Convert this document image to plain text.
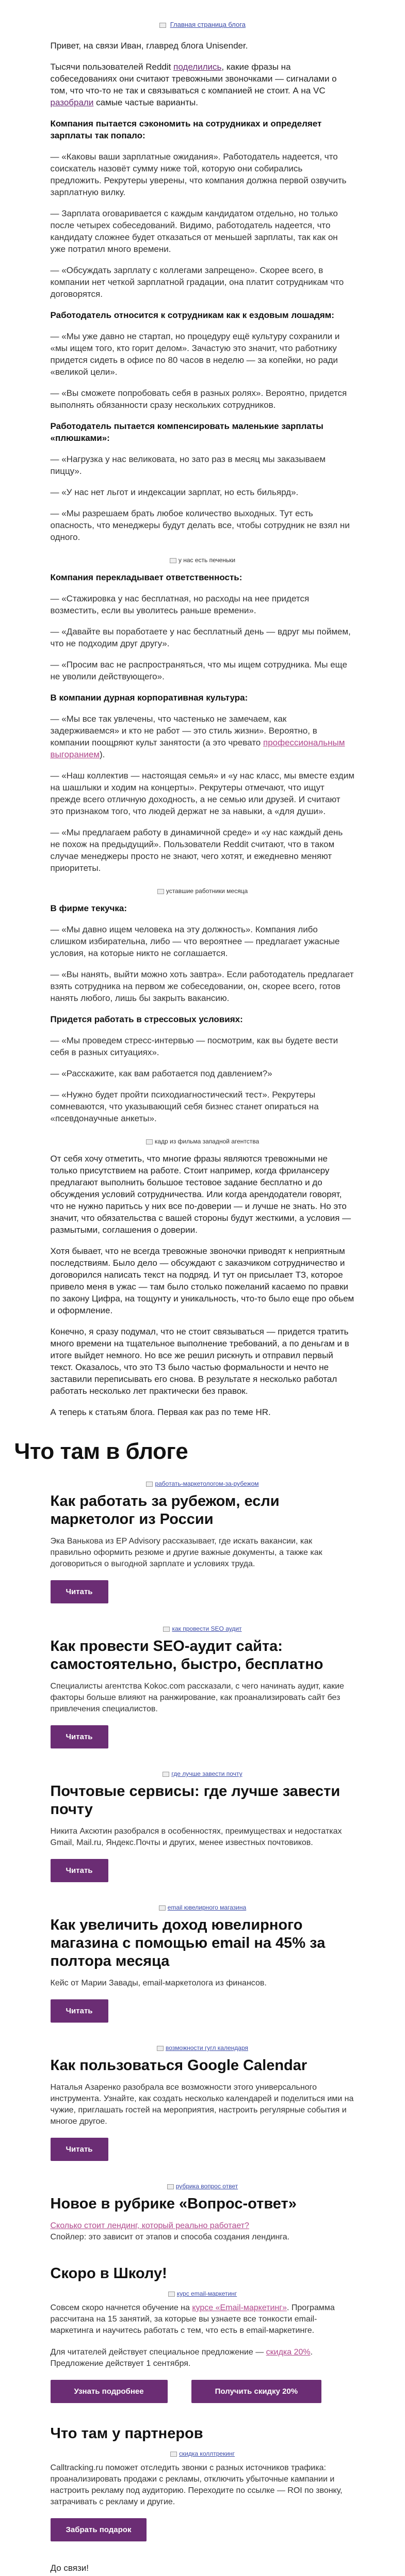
Главная страница блога

Привет, на связи Иван, главред блога Unisender.

Тысячи пользователей Reddit поделились, какие фразы на собеседованиях они считают тревожными звоночками — сигналами о том, что что-то не так и связываться с компанией не стоит. А на VC разобрали самые частые варианты.

Компания пытается сэкономить на сотрудниках и определяет зарплаты так попало:

— «Каковы ваши зарплатные ожидания». Работодатель надеется, что соискатель назовёт сумму ниже той, которую они собирались предложить. Рекрутеры уверены, что компания должна первой озвучить зарплатную вилку.

— Зарплата оговаривается с каждым кандидатом отдельно, но только после четырех собеседований. Видимо, работодатель надеется, что кандидату сложнее будет отказаться от меньшей зарплаты, так как он уже потратил много времени.

— «Обсуждать зарплату с коллегами запрещено». Скорее всего, в компании нет четкой зарплатной градации, она платит сотрудникам что договорятся.

Работодатель относится к сотрудникам как к ездовым лошадям:

— «Мы уже давно не стартап, но процедуру ещё культуру сохранили и «мы ищем того, кто горит делом». Зачастую это значит, что работнику придется сидеть в офисе по 80 часов в неделю — за копейки, но ради «великой цели».

— «Вы сможете попробовать себя в разных ролях». Вероятно, придется выполнять обязанности сразу нескольких сотрудников.

Работодатель пытается компенсировать маленькие зарплаты «плюшками»:

— «Нагрузка у нас великовата, но зато раз в месяц мы заказываем пиццу».

— «У нас нет льгот и индексации зарплат, но есть бильярд».

— «Мы разрешаем брать любое количество выходных. Тут есть опасность, что менеджеры будут делать все, чтобы сотрудник не взял ни одного.

у нас есть печеньки

Компания перекладывает ответственность:

— «Стажировка у нас бесплатная, но расходы на нее придется возместить, если вы уволитесь раньше времени».

— «Давайте вы поработаете у нас бесплатный день — вдруг мы поймем, что не подходим друг другу».

— «Просим вас не распространяться, что мы ищем сотрудника. Мы еще не уволили действующего».

В компании дурная корпоративная культура:

— «Мы все так увлечены, что частенько не замечаем, как задерживаемся» и кто не работ — это стиль жизни». Вероятно, в компании поощряют культ занятости (а это чревато профессиональным выгоранием).

— «Наш коллектив — настоящая семья» и «у нас класс, мы вместе ездим на шашлыки и ходим на концерты». Рекрутеры отмечают, что ищут прежде всего отличную доходность, а не семью или друзей. И считают это признаком того, что людей держат не за навыки, а «для души».

— «Мы предлагаем работу в динамичной среде» и «у нас каждый день не похож на предыдущий». Пользователи Reddit считают, что в таком случае менеджеры просто не знают, чего хотят, и ежедневно меняют приоритеты.

уставшие работники месяца

В фирме текучка:

— «Мы давно ищем человека на эту должность». Компания либо слишком избирательна, либо — что вероятнее — предлагает ужасные условия, на которые никто не соглашается.

— «Вы нанять, выйти можно хоть завтра». Если работодатель предлагает взять сотрудника на первом же собеседовании, он, скорее всего, готов нанять любого, лишь бы закрыть вакансию.

Придется работать в стрессовых условиях:

— «Мы проведем стресс-интервью — посмотрим, как вы будете вести себя в разных ситуациях».

— «Расскажите, как вам работается под давлением?»

— «Нужно будет пройти психодиагностический тест». Рекрутеры сомневаются, что указывающий себя бизнес станет опираться на «псевдонаучные анкеты».

кадр из фильма западной агентства

От себя хочу отметить, что многие фразы являются тревожными не только присутствием на работе. Стоит например, когда фрилансеру предлагают выполнить большое тестовое задание бесплатно и до обсуждения условий сотрудничества. Или когда арендодатели говорят, что не нужно паритьсь у них все по-доверии — и лучше не знать. Но это значит, что обязательства с вашей стороны будут жесткими, а условия — размытыми, соглашения о доверии.

Хотя бывает, что не всегда тревожные звоночки приводят к неприятным последствиям. Было дело — обсуждают с заказчиком сотрудничество и договорился написать текст на подряд. И тут он присылает ТЗ, которое привело меня в ужас — там было столько пожеланий касаемо по правки по закону Цифра, на тощунту и уникальность, что-то было еще про обьем и оформление.

Конечно, я сразу подумал, что не стоит связываться — придется тратить много времени на тщательное выполнение требований, а по деньгам и в итоге выйдет немного. Но все же решил рискнуть и отправил первый текст. Оказалось, что это ТЗ было частью формальности и нечто не заставили переписывать его снова. В результате я несколько работал работать несколько лет практически без правок.

А теперь к статьям блога. Первая как раз по теме HR.

Что там в блоге
работать-маркетологом-за-рубежом
Как работать за рубежом, если маркетолог из России

Эка Ванькова из EP Advisory рассказывает, где искать вакансии, как правильно оформить резюме и другие важные документы, а также как договориться о выгодной зарплате и условиях труда.

Читать
как провести SEO аудит
Как провести SEO-аудит сайта: самостоятельно, быстро, бесплатно

Специалисты агентства Kokoc.com рассказали, с чего начинать аудит, какие факторы больше влияют на ранжирование, как проанализировать сайт без привлечения специалистов.

Читать
где лучше завести почту
Почтовые сервисы: где лучше завести почту

Никита Аксютин разобрался в особенностях, преимуществах и недостатках Gmail, Mail.ru, Яндекс.Почты и других, менее известных почтовиков.

Читать
email ювелирного магазина
Как увеличить доход ювелирного магазина с помощью email на 45% за полтора месяца

Кейс от Марии Завады, email-маркетолога из финансов.

Читать
возможности гугл календаря
Как пользоваться Google Calendar

Наталья Азаренко разобрала все возможности этого универсального инструмента. Узнайте, как создать несколько календарей и поделиться ими на чужие, приглашать гостей на мероприятия, настроить регулярные события и многое другое.

Читать
рубрика вопрос ответ
Новое в рубрике «Вопрос-ответ»

Сколько стоит лендинг, который реально работает?
Спойлер: это зависит от этапов и способа создания лендинга.

Скоро в Школу!
курс email-маркетинг

Совсем скоро начнется обучение на курсе «Email-маркетинг». Программа рассчитана на 15 занятий, за которые вы узнаете все тонкости email-маркетинга и научитесь работать с тем, что есть в email-маркетинге.

Для читателей действует специальное предложение — скидка 20%. Предложение действует 1 сентября.

Узнать подробнее	Получить скидку 20%
Что там у партнеров
скидка коллтрекинг

Calltracking.ru поможет отследить звонки с разных источников трафика: проанализировать продажи с рекламы, отключить убыточные кампании и настроить рекламу под аудиторию. Переходите по ссылке — ROI по звонку, затрачивать с рекламу и другие.

Забрать подарок

До связи!
